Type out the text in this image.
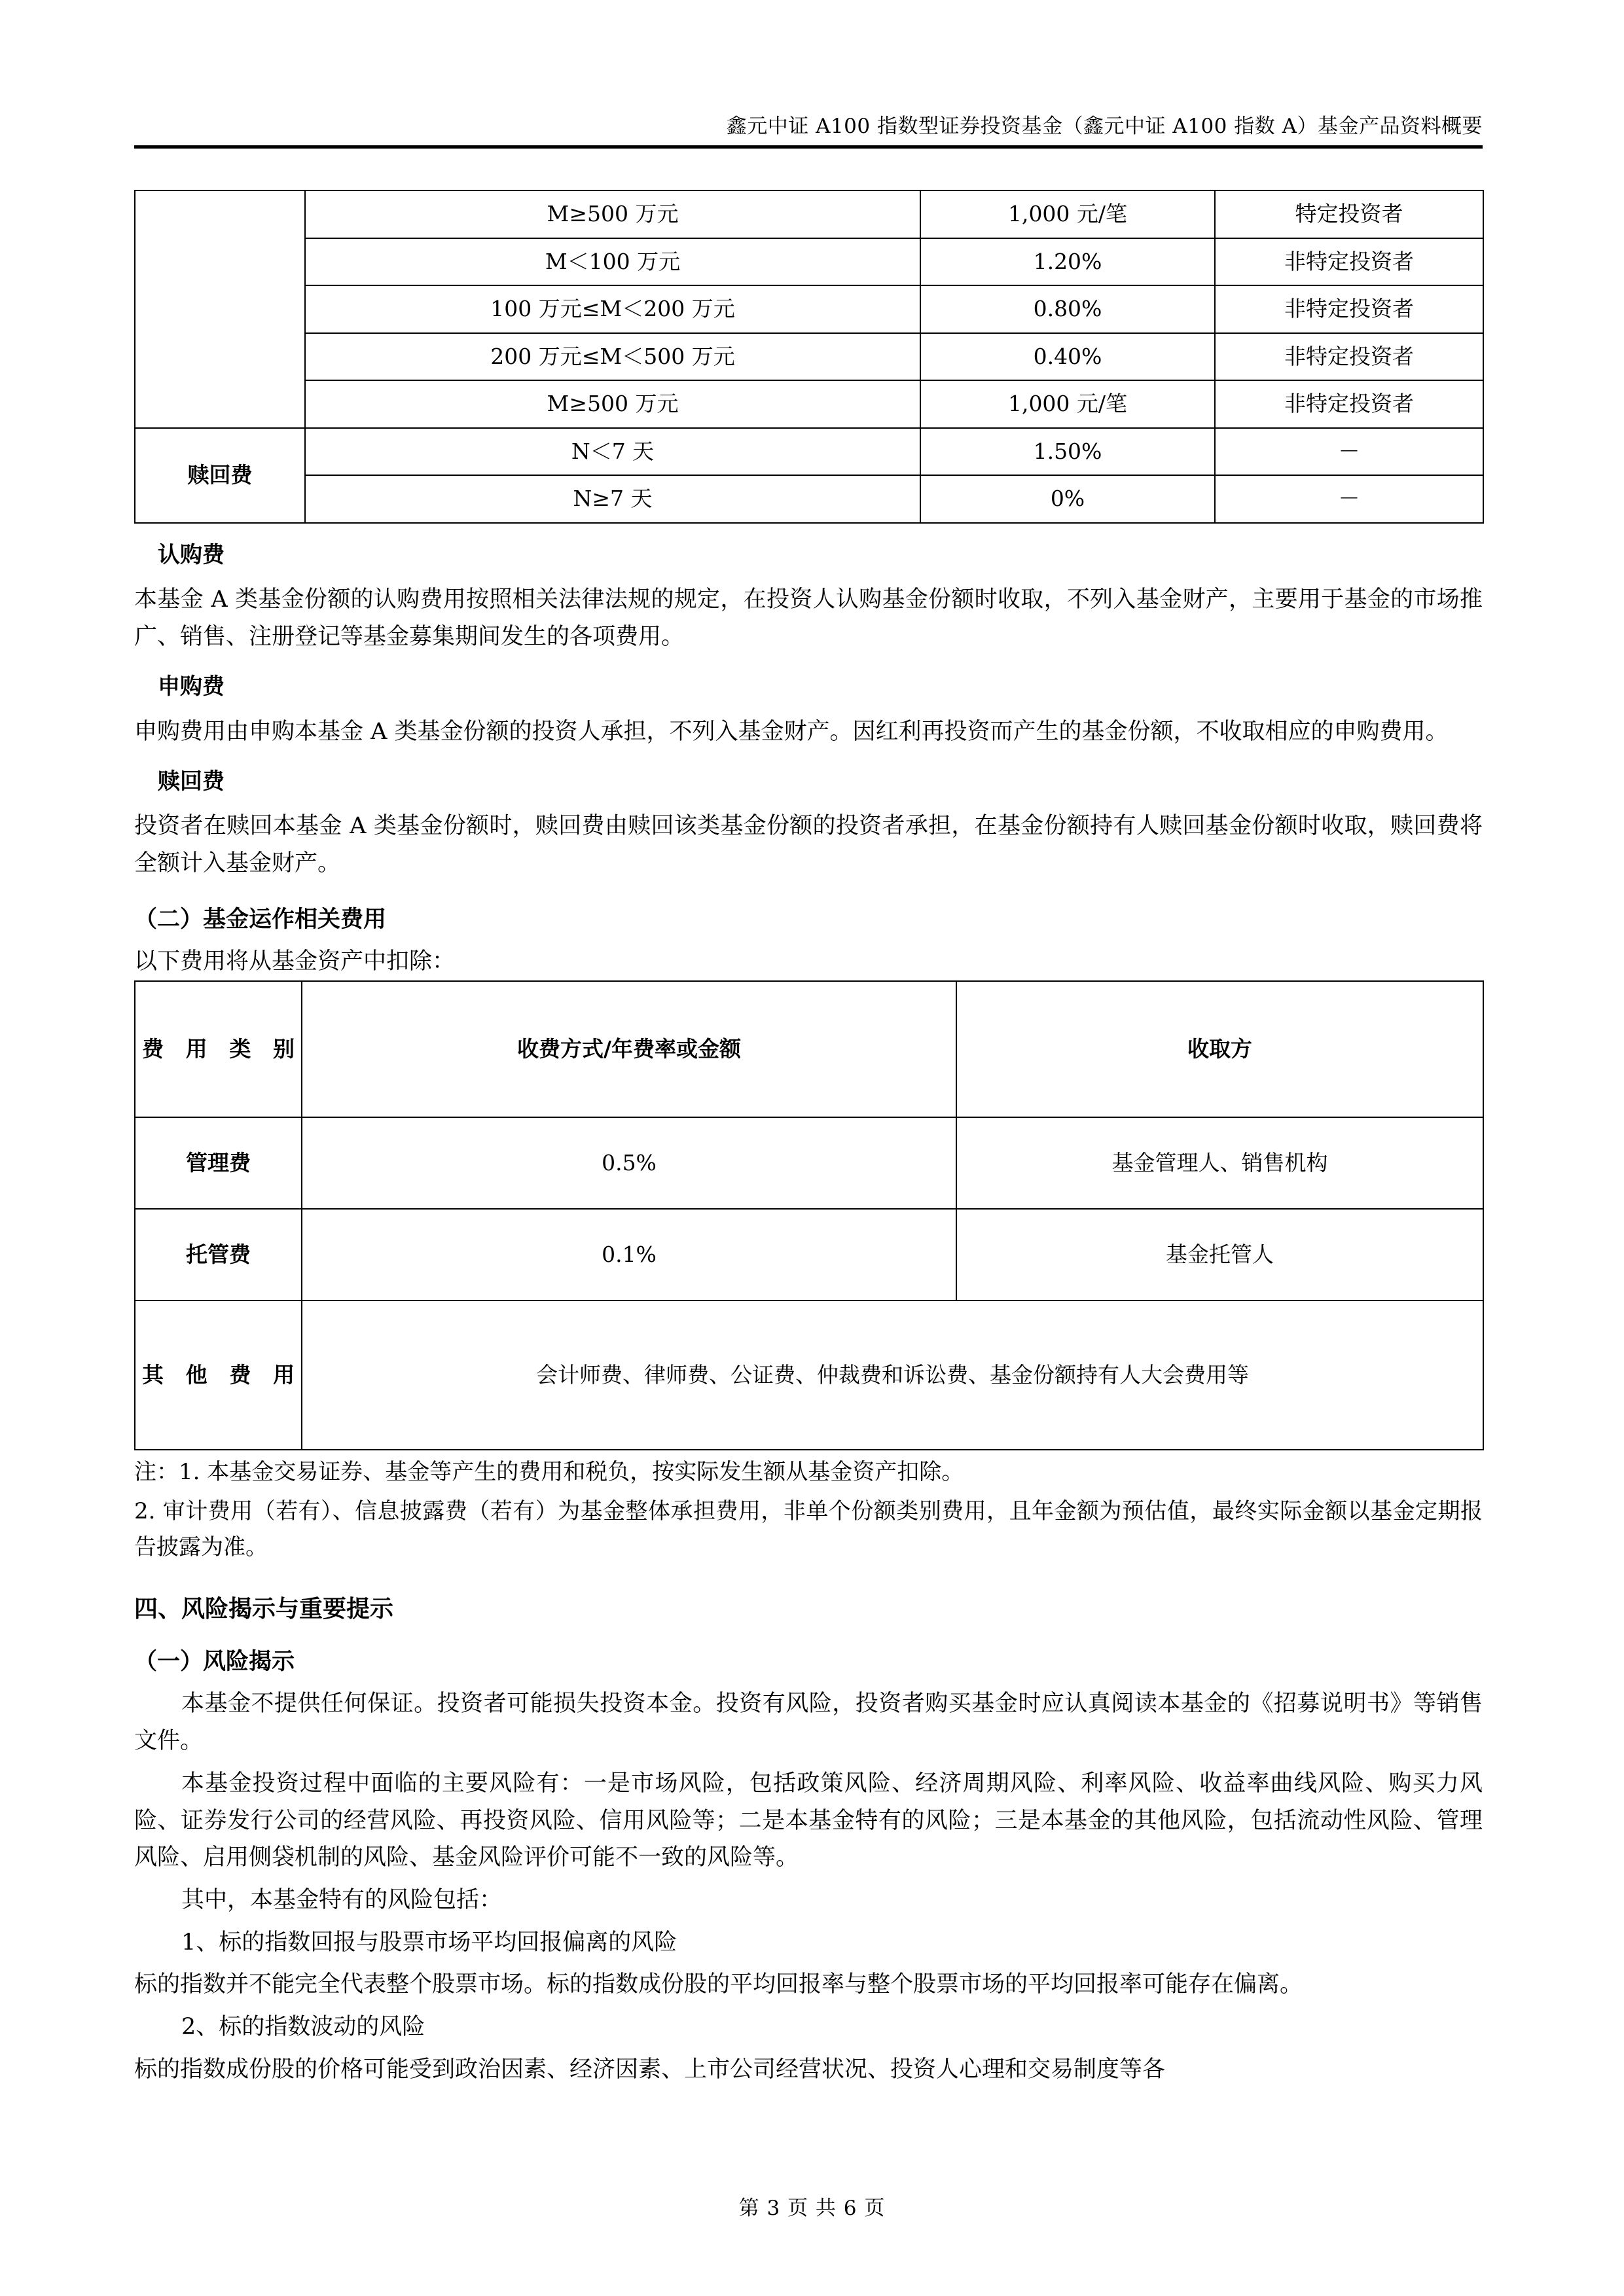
鑫元中证 A100 指数型证券投资基金（鑫元中证 A100 指数 A）基金产品资料概要
	M≥500 万元	1,000 元/笔	特定投资者
	M＜100 万元	1.20%	非特定投资者
	100 万元≤M＜200 万元	0.80%	非特定投资者
	200 万元≤M＜500 万元	0.40%	非特定投资者
	M≥500 万元	1,000 元/笔	非特定投资者
赎回费	N＜7 天	1.50%	－
	N≥7 天	0%	－
认购费

本基金 A 类基金份额的认购费用按照相关法律法规的规定，在投资人认购基金份额时收取，不列入基金财产，主要用于基金的市场推广、销售、注册登记等基金募集期间发生的各项费用。

申购费

申购费用由申购本基金 A 类基金份额的投资人承担，不列入基金财产。因红利再投资而产生的基金份额，不收取相应的申购费用。

赎回费

投资者在赎回本基金 A 类基金份额时，赎回费由赎回该类基金份额的投资者承担，在基金份额持有人赎回基金份额时收取，赎回费将全额计入基金财产。

（二）基金运作相关费用

以下费用将从基金资产中扣除：

费 用 类 别	收费方式/年费率或金额	收取方
管理费	0.5%	基金管理人、销售机构
托管费	0.1%	基金托管人
其 他 费 用	会计师费、律师费、公证费、仲裁费和诉讼费、基金份额持有人大会费用等	

注：1. 本基金交易证券、基金等产生的费用和税负，按实际发生额从基金资产扣除。

2. 审计费用（若有）、信息披露费（若有）为基金整体承担费用，非单个份额类别费用，且年金额为预估值，最终实际金额以基金定期报告披露为准。

四、风险揭示与重要提示
（一）风险揭示

本基金不提供任何保证。投资者可能损失投资本金。投资有风险，投资者购买基金时应认真阅读本基金的《招募说明书》等销售文件。

本基金投资过程中面临的主要风险有：一是市场风险，包括政策风险、经济周期风险、利率风险、收益率曲线风险、购买力风险、证券发行公司的经营风险、再投资风险、信用风险等；二是本基金特有的风险；三是本基金的其他风险，包括流动性风险、管理风险、启用侧袋机制的风险、基金风险评价可能不一致的风险等。

其中，本基金特有的风险包括：

1、标的指数回报与股票市场平均回报偏离的风险

标的指数并不能完全代表整个股票市场。标的指数成份股的平均回报率与整个股票市场的平均回报率可能存在偏离。

2、标的指数波动的风险

标的指数成份股的价格可能受到政治因素、经济因素、上市公司经营状况、投资人心理和交易制度等各

第 3 页 共 6 页
